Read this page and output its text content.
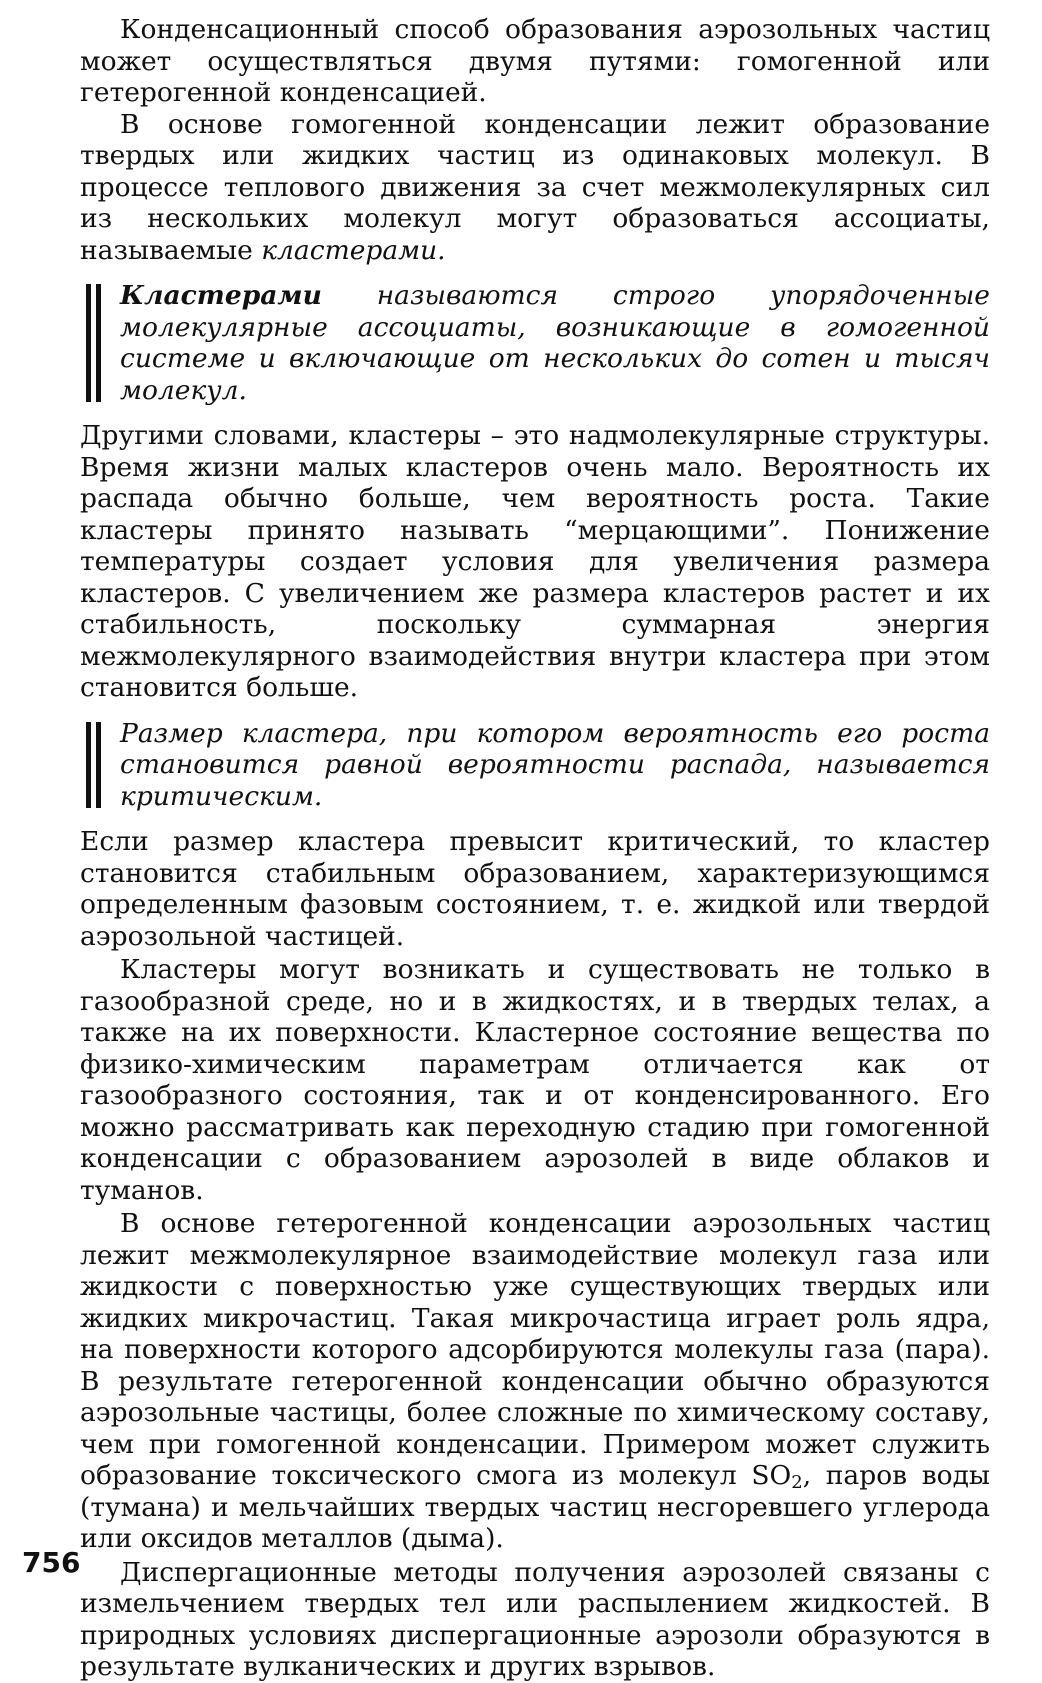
Конденсационный способ образования аэрозольных частиц может осуществляться двумя путями: гомогенной или гетерогенной конденсацией.

В основе гомогенной конденсации лежит образование твердых или жидких частиц из одинаковых молекул. В процессе теплового движения за счет межмолекулярных сил из нескольких молекул могут образоваться ассоциаты, называемые кластерами.

Кластерами называются строго упорядоченные молекулярные ассоциаты, возникающие в гомогенной системе и включающие от нескольких до сотен и тысяч молекул.

Другими словами, кластеры – это надмолекулярные структуры. Время жизни малых кластеров очень мало. Вероятность их распада обычно больше, чем вероятность роста. Такие кластеры принято называть “мерцающими”. Понижение температуры создает условия для увеличения размера кластеров. С увеличением же размера кластеров растет и их стабильность, поскольку суммарная энергия межмолекулярного взаимодействия внутри кластера при этом становится больше.

Размер кластера, при котором вероятность его роста становится равной вероятности распада, называется критическим.

Если размер кластера превысит критический, то кластер становится стабильным образованием, характеризующимся определенным фазовым состоянием, т. е. жидкой или твердой аэрозольной частицей.

Кластеры могут возникать и существовать не только в газообразной среде, но и в жидкостях, и в твердых телах, а также на их поверхности. Кластерное состояние вещества по физико-химическим параметрам отличается как от газообразного состояния, так и от конденсированного. Его можно рассматривать как переходную стадию при гомогенной конденсации с образованием аэрозолей в виде облаков и туманов.

В основе гетерогенной конденсации аэрозольных частиц лежит межмолекулярное взаимодействие молекул газа или жидкости с поверхностью уже существующих твердых или жидких микрочастиц. Такая микрочастица играет роль ядра, на поверхности которого адсорбируются молекулы газа (пара). В результате гетерогенной конденсации обычно образуются аэрозольные частицы, более сложные по химическому составу, чем при гомогенной конденсации. Примером может служить образование токсического смога из молекул $SO_2$, паров воды (тумана) и мельчайших твердых частиц несгоревшего углерода или оксидов металлов (дыма).

Диспергационные методы получения аэрозолей связаны с измельчением твердых тел или распылением жидкостей. В природных условиях диспергационные аэрозоли образуются в результате вулканических и других взрывов.

756
